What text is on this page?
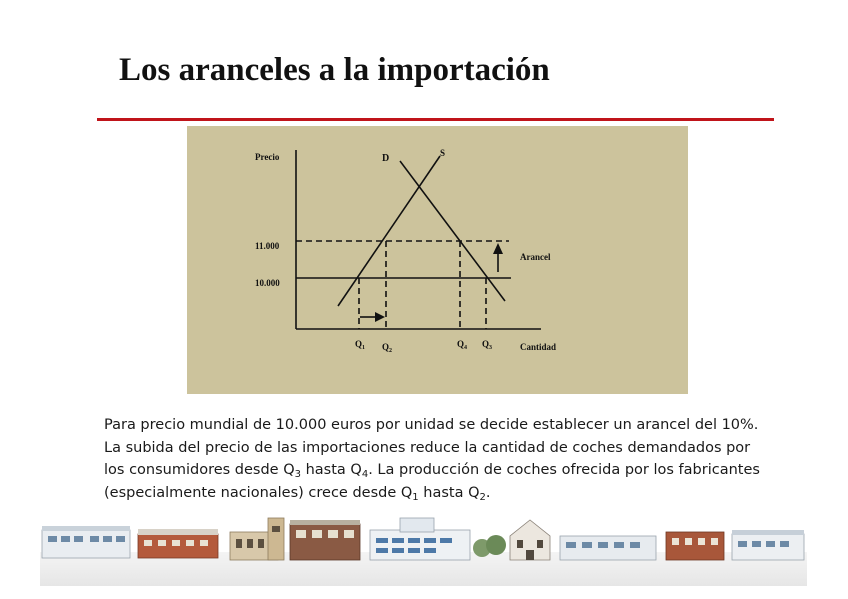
Los aranceles a la importación
Precio	D	S
11.000
10.000
Arancel
$Q_1$ $Q_2$
$Q_4$ $Q_3$	Cantidad

Para precio mundial de 10.000 euros por unidad se decide establecer un arancel del 10%. La subida del precio de las importaciones reduce la cantidad de coches demandados por los consumidores desde $Q_3$ hasta $Q_4$. La producción de coches ofrecida por los fabricantes (especialmente nacionales) crece desde $Q_1$ hasta $Q_2$.
